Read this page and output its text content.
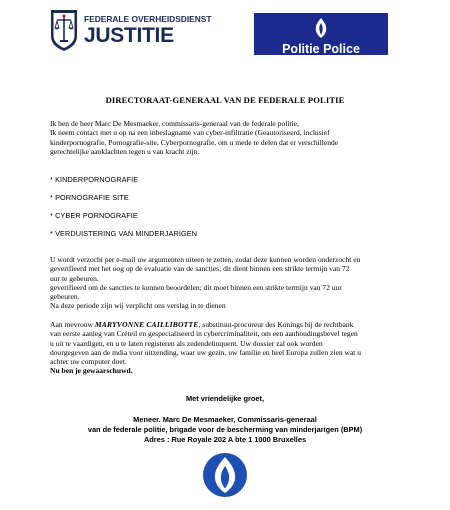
FEDERALE OVERHEIDSDIENST
JUSTITIE
Politie Police
DIRECTORAAT-GENERAAL VAN DE FEDERALE POLITIE
Ik ben de heer Marc De Mesmaeker, commissaris-generaal van de federale politie,
Ik neem contact met u op na een inbeslagname van cyber-infiltratie (Geautoriseerd, inclusief
kinderpornografie, Pornografie-site, Cyberpornografie, om u mede te delen dat er verschillende
gerechtelijke aanklachten tegen u van kracht zijn.
* KINDERPORNOGRAFIE
* PORNOGRAFIE SITE
* CYBER PORNOGRAFIE
* VERDUISTERING VAN MINDERJARIGEN
U wordt verzocht per e-mail uw argumenten uiteen te zetten, zodat deze kunnen worden onderzocht en
geverifieerd met het oog op de evaluatie van de sancties; dit dient binnen een strikte termijn van 72
uur te gebeuren.
geverifieerd om de sancties te kunnen beoordelen; dit moet binnen een strikte termijn van 72 uur
gebeuren.
Na deze periode zijn wij verplicht ons verslag in te dienen
Aan mevrouw MARYVONNE CAILLIBOTTE, substituut-procureur des Konings bij de rechtbank
van eerste aanleg van Créteil en gespecialiseerd in cybercriminaliteit, om een aanhoudingsbevel tegen
u uit te vaardigen, en u te laten registeren als zedendelinquent. Uw dossier zal ook worden
doorgegeven aan de mdia voor uitzending, waar uw gezin, uw familie en heel Europa zullen zien wat u
achter uw computer doet.
Nu ben je gewaarschuwd.
Met vriendelijke groet,
Meneer. Marc De Mesmaeker, Commissaris-generaal
van de federale politie, brigade voor de bescherming van minderjarigen (BPM)
Adres : Rue Royale 202 A bte 1 1000 Bruxelles
